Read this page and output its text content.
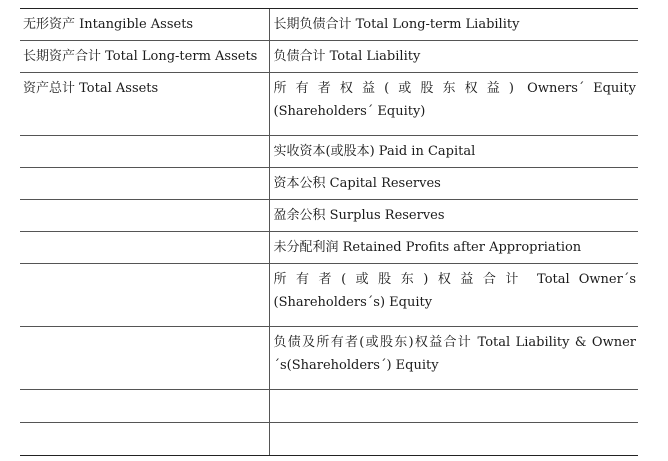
无形资产 Intangible Assets	长期负债合计 Total Long-term Liability
长期资产合计 Total Long-term Assets	负债合计 Total Liability
资产总计 Total Assets	所有者权益(或股东权益) Owners´ Equity (Shareholders´ Equity)
	实收资本(或股本) Paid in Capital
	资本公积 Capital Reserves
	盈余公积 Surplus Reserves
	未分配利润 Retained Profits after Appropriation
	所有者(或股东)权益合计 Total Owner´s (Shareholders´s) Equity
	负债及所有者(或股东)权益合计 Total Liability & Owner´s(Shareholders´) Equity
